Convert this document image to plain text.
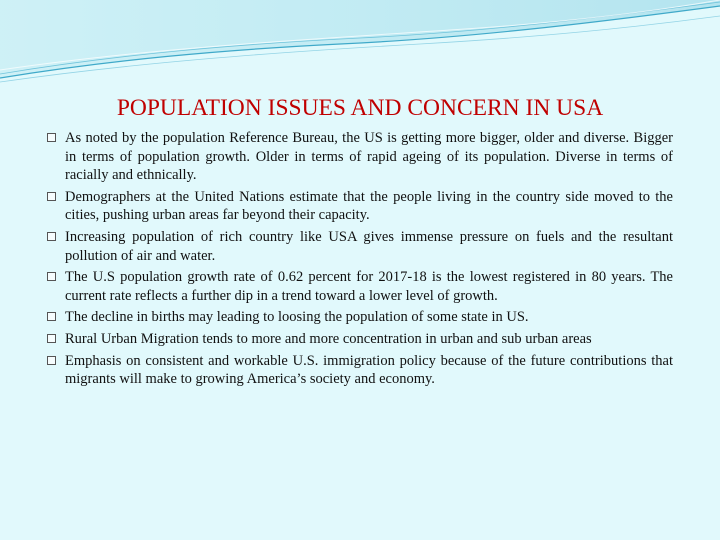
POPULATION ISSUES AND CONCERN IN USA
As noted by the population Reference Bureau, the US is getting more bigger, older and diverse. Bigger in terms of population growth. Older in terms of rapid ageing of its population. Diverse in terms of racially and ethnically.
Demographers at the United Nations estimate that the people living in the country side moved to the cities, pushing urban areas far beyond their capacity.
Increasing population of rich country like USA gives immense pressure on fuels and the resultant pollution of air and water.
The U.S population growth rate of 0.62 percent for 2017-18 is the lowest registered in 80 years. The current rate reflects a further dip in a trend toward a lower level of growth.
The decline in births may leading to loosing the population of some state in US.
Rural Urban Migration tends to more and more concentration in urban and sub urban areas
Emphasis on consistent and workable U.S. immigration policy because of the future contributions that migrants will make to growing America’s society and economy.
